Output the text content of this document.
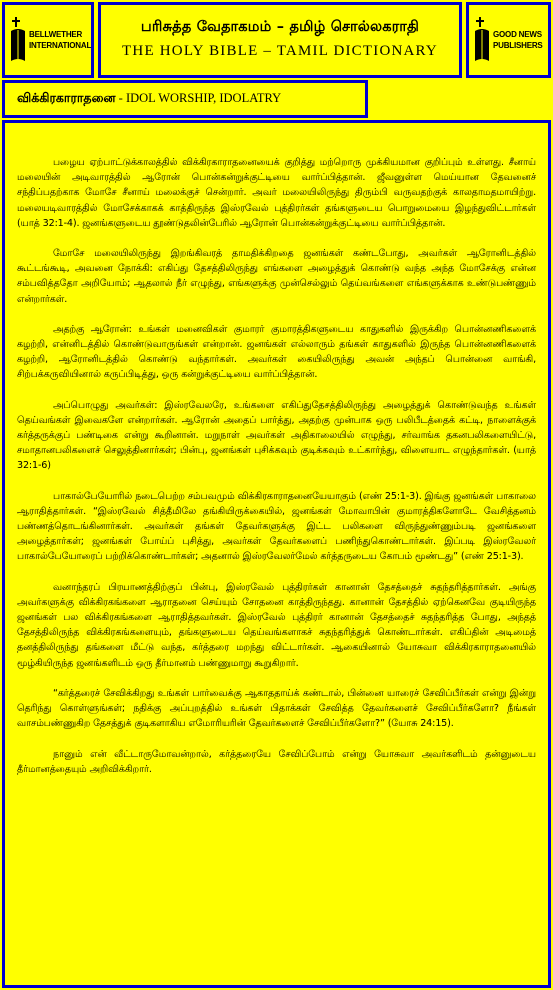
BELLWETHER
INTERNATIONAL
பரிசுத்த வேதாகமம் – தமிழ் சொல்லகராதி
THE HOLY BIBLE – TAMIL DICTIONARY
GOOD NEWS
PUBLISHERS
விக்கிரகாராதனை - IDOL WORSHIP, IDOLATRY

பழைய ஏற்பாட்டுக்காலத்தில் விக்கிரகாராதனையைக் குறித்து மற்றொரு முக்கியமான குறிப்பும் உள்ளது. சீனாய் மலையின் அடிவாரத்தில் ஆரோன் பொன்கன்றுக்குட்டியை வார்ப்பித்தான். ஜீவனுள்ள மெய்யான தேவனைச் சந்திப்பதற்காக மோசே சீனாய் மலைக்குச் சென்றார். அவர் மலையிலிருந்து திரும்பி வருவதற்குக் காலதாமதமாயிற்று. மலையடிவாரத்தில் மோசேக்காகக் காத்திருந்த இஸ்ரவேல் புத்திரர்கள் தங்களுடைய பொறுமையை இழந்துவிட்டார்கள் (யாத் 32:1-4). ஜனங்களுடைய தூண்டுதலின்பேரில் ஆரோன் பொன்கன்றுக்குட்டியை வார்ப்பித்தான்.

மோசே மலையிலிருந்து இறங்கிவரத் தாமதிக்கிறதை ஜனங்கள் கண்டபோது, அவர்கள் ஆரோனிடத்தில் கூட்டங்கூடி, அவனை நோக்கி: எகிப்து தேசத்திலிருந்து எங்களை அழைத்துக் கொண்டு வந்த அந்த மோசேக்கு என்ன சம்பவித்ததோ அறியோம்; ஆதலால் நீர் எழுந்து, எங்களுக்கு முன்செல்லும் தெய்வங்களை எங்களுக்காக உண்டுபண்ணும் என்றார்கள்.

அதற்கு ஆரோன்: உங்கள் மனைவிகள் குமாரர் குமாரத்திகளுடைய காதுகளில் இருக்கிற பொன்னணிகளைக் கழற்றி, என்னிடத்தில் கொண்டுவாருங்கள் என்றான். ஜனங்கள் எல்லாரும் தங்கள் காதுகளில் இருந்த பொன்னணிகளைக் கழற்றி, ஆரோனிடத்தில் கொண்டு வந்தார்கள். அவர்கள் கையிலிருந்து அவன் அந்தப் பொன்னை வாங்கி, சிற்பக்கருவியினால் கருப்பிடித்து, ஒரு கன்றுக்குட்டியை வார்ப்பித்தான்.

அப்பொழுது அவர்கள்: இஸ்ரவேலரே, உங்களை எகிப்துதேசத்திலிருந்து அழைத்துக் கொண்டுவந்த உங்கள் தெய்வங்கள் இவைகளே என்றார்கள். ஆரோன் அதைப் பார்த்து, அதற்கு முன்பாக ஒரு பலிபீடத்தைக் கட்டி, நாளைக்குக் கர்த்தருக்குப் பண்டிகை என்று கூறினான். மறுநாள் அவர்கள் அதிகாலையில் எழுந்து, சர்வாங்க தகனபலிகளையிட்டு, சமாதானபலிகளைச் செலுத்தினார்கள்; பின்பு, ஜனங்கள் புசிக்கவும் குடிக்கவும் உட்கார்ந்து, விளையாட எழுந்தார்கள். (யாத் 32:1-6)

பாகால்பேயோரில் நடைபெற்ற சம்பவமும் விக்கிரகாராதனையேயாகும் (எண் 25:1-3). இங்கு ஜனங்கள் பாகாலை ஆராதித்தார்கள். “இஸ்ரவேல் சித்தீமிலே தங்கியிருக்கையில், ஜனங்கள் மோவாபின் குமாரத்திகளோடே வேசித்தனம் பண்ணத்தொடங்கினார்கள். அவர்கள் தங்கள் தேவர்களுக்கு இட்ட பலிகளை விருந்துண்ணும்படி ஜனங்களை அழைத்தார்கள்; ஜனங்கள் போய்ப் புசித்து, அவர்கள் தேவர்களைப் பணிந்துகொண்டார்கள். இப்படி இஸ்ரவேலர் பாகால்பேயோரைப் பற்றிக்கொண்டார்கள்; அதனால் இஸ்ரவேலர்மேல் கர்த்தருடைய கோபம் மூண்டது” (எண் 25:1-3).

வனாந்தரப் பிரயாணத்திற்குப் பின்பு, இஸ்ரவேல் புத்திரர்கள் கானான் தேசத்தைச் சுதந்தரித்தார்கள். அங்கு அவர்களுக்கு விக்கிரகங்களை ஆராதனை செய்யும் சோதனை காத்திருந்தது. கானான் தேசத்தில் ஏற்கெனவே குடியிருந்த ஜனங்கள் பல விக்கிரகங்களை ஆராதித்தவர்கள். இஸ்ரவேல் புத்திரர் கானான் தேசத்தைச் சுதந்தரித்த போது, அந்தத் தேசத்திலிருந்த விக்கிரகங்களையும், தங்களுடைய தெய்வங்களாகச் சுதந்தரித்துக் கொண்டார்கள். எகிப்தின் அடிமைத் தனத்திலிருந்து தங்களை மீட்டு வந்த, கர்த்தரை மறந்து விட்டார்கள். ஆகையினால் யோசுவா விக்கிரகாராதனையில் மூழ்கியிருந்த ஜனங்களிடம் ஒரு தீர்மானம் பண்ணுமாறு கூறுகிறார்.

“கர்த்தரைச் சேவிக்கிறது உங்கள் பார்வைக்கு ஆகாததாய்க் கண்டால், பின்னை யாரைச் சேவிப்பீர்கள் என்று இன்று தெரிந்து கொள்ளுங்கள்; நதிக்கு அப்புறத்தில் உங்கள் பிதாக்கள் சேவித்த தேவர்களைச் சேவிப்பீர்களோ? நீங்கள் வாசம்பண்ணுகிற தேசத்துக் குடிகளாகிய எமோரியரின் தேவர்களைச் சேவிப்பீர்களோ?” (யோசு 24:15).

நானும் என் வீட்டாருமோவன்றால், கர்த்தரையே சேவிப்போம் என்று யோசுவா அவர்களிடம் தன்னுடைய தீர்மானத்தையும் அறிவிக்கிறார்.
